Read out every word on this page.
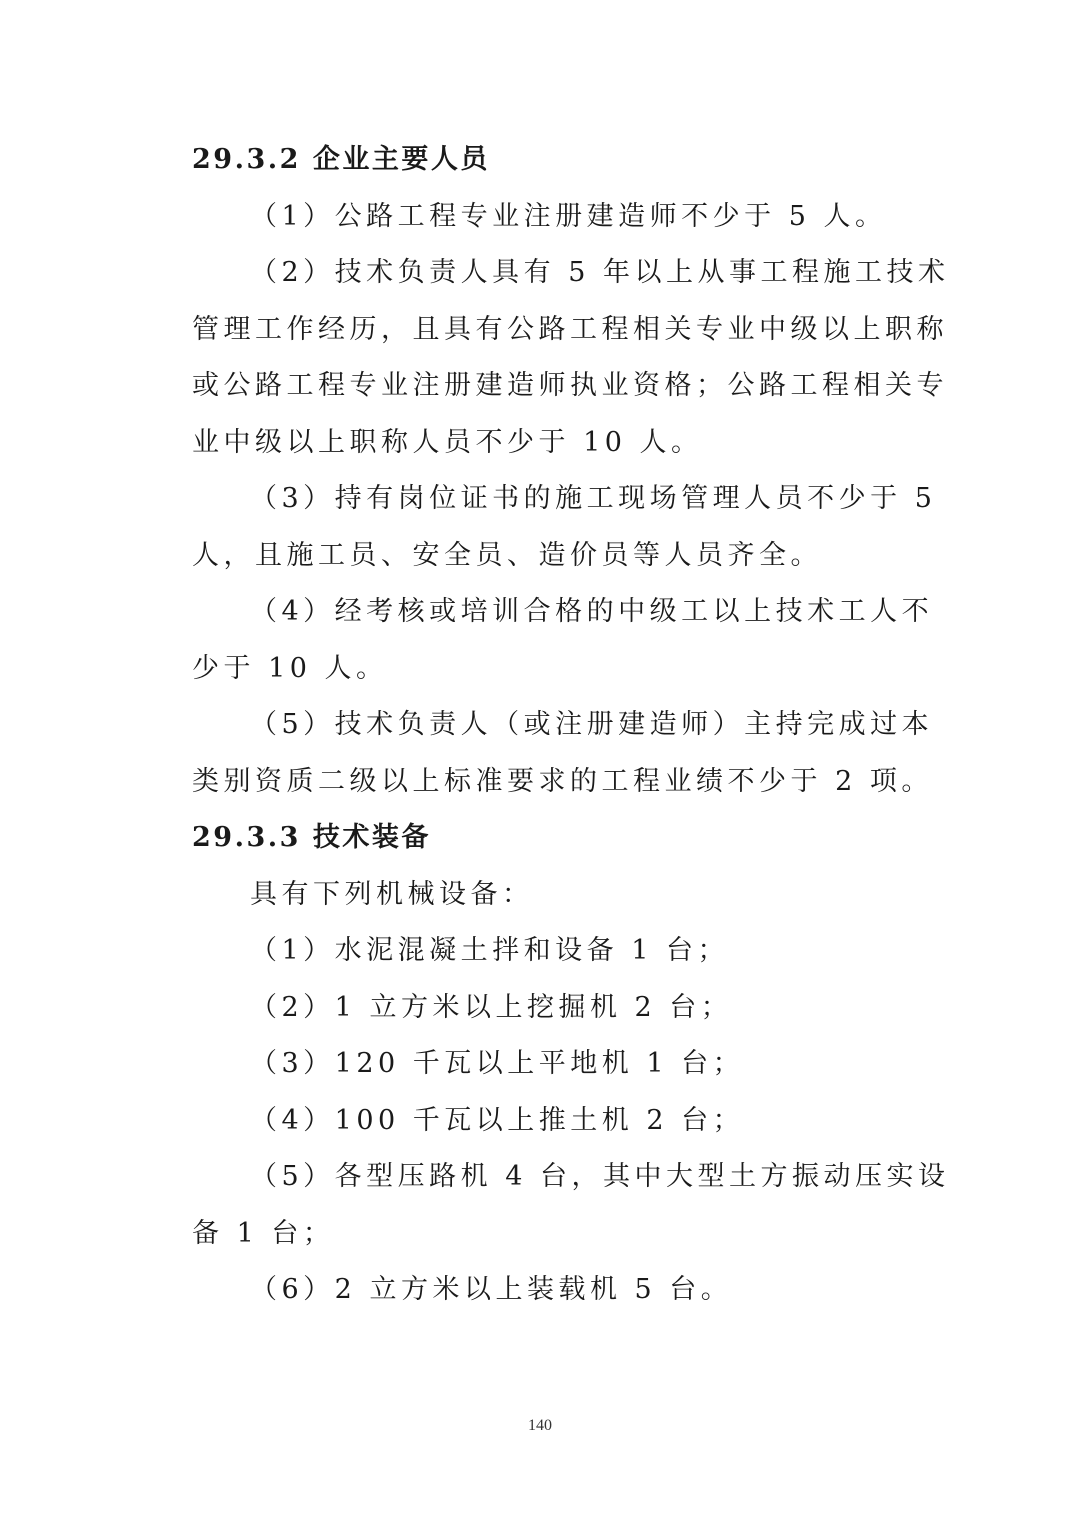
29.3.2 企业主要人员
（1）公路工程专业注册建造师不少于 5 人。
（2）技术负责人具有 5 年以上从事工程施工技术
管理工作经历，且具有公路工程相关专业中级以上职称
或公路工程专业注册建造师执业资格；公路工程相关专
业中级以上职称人员不少于 10 人。
（3）持有岗位证书的施工现场管理人员不少于 5
人，且施工员、安全员、造价员等人员齐全。
（4）经考核或培训合格的中级工以上技术工人不
少于 10 人。
（5）技术负责人（或注册建造师）主持完成过本
类别资质二级以上标准要求的工程业绩不少于 2 项。
29.3.3 技术装备
具有下列机械设备：
（1）水泥混凝土拌和设备 1 台；
（2）1 立方米以上挖掘机 2 台；
（3）120 千瓦以上平地机 1 台；
（4）100 千瓦以上推土机 2 台；
（5）各型压路机 4 台，其中大型土方振动压实设
备 1 台；
（6）2 立方米以上装载机 5 台。
140
